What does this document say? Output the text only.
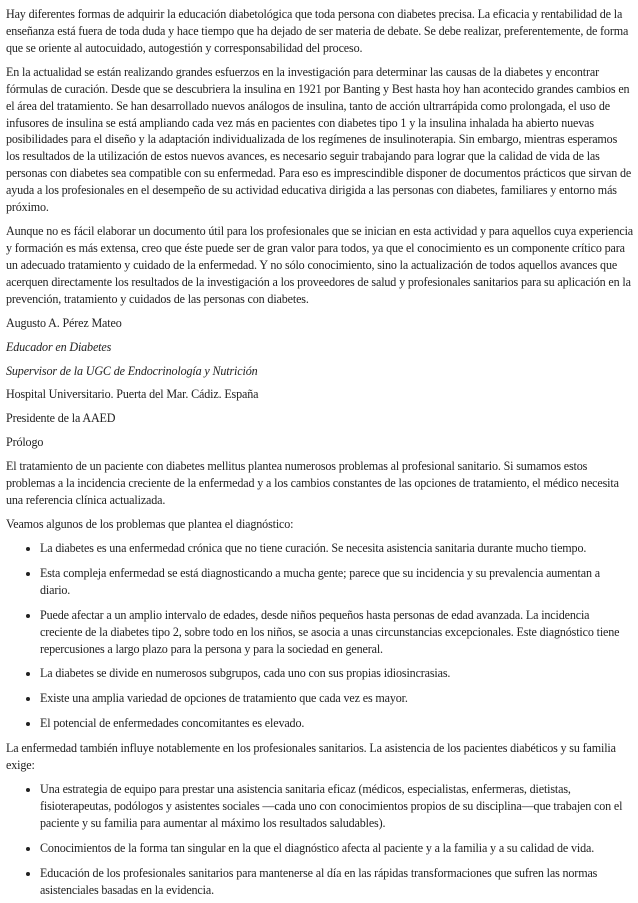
Hay diferentes formas de adquirir la educación diabetológica que toda persona con diabetes precisa. La eficacia y rentabilidad de la enseñanza está fuera de toda duda y hace tiempo que ha dejado de ser materia de debate. Se debe realizar, preferentemente, de forma que se oriente al autocuidado, autogestión y corresponsabilidad del proceso.

En la actualidad se están realizando grandes esfuerzos en la investigación para determinar las causas de la diabetes y encontrar fórmulas de curación. Desde que se descubriera la insulina en 1921 por Banting y Best hasta hoy han acontecido grandes cambios en el área del tratamiento. Se han desarrollado nuevos análogos de insulina, tanto de acción ultrarrápida como prolongada, el uso de infusores de insulina se está ampliando cada vez más en pacientes con diabetes tipo 1 y la insulina inhalada ha abierto nuevas posibilidades para el diseño y la adaptación individualizada de los regímenes de insulinoterapia. Sin embargo, mientras esperamos los resultados de la utilización de estos nuevos avances, es necesario seguir trabajando para lograr que la calidad de vida de las personas con diabetes sea compatible con su enfermedad. Para eso es imprescindible disponer de documentos prácticos que sirvan de ayuda a los profesionales en el desempeño de su actividad educativa dirigida a las personas con diabetes, familiares y entorno más próximo.

Aunque no es fácil elaborar un documento útil para los profesionales que se inician en esta actividad y para aquellos cuya experiencia y formación es más extensa, creo que éste puede ser de gran valor para todos, ya que el conocimiento es un componente crítico para un adecuado tratamiento y cuidado de la enfermedad. Y no sólo conocimiento, sino la actualización de todos aquellos avances que acerquen directamente los resultados de la investigación a los proveedores de salud y profesionales sanitarios para su aplicación en la prevención, tratamiento y cuidados de las personas con diabetes.

Augusto A. Pérez Mateo

Educador en Diabetes

Supervisor de la UGC de Endocrinología y Nutrición

Hospital Universitario. Puerta del Mar. Cádiz. España

Presidente de la AAED

Prólogo

El tratamiento de un paciente con diabetes mellitus plantea numerosos problemas al profesional sanitario. Si sumamos estos problemas a la incidencia creciente de la enfermedad y a los cambios constantes de las opciones de tratamiento, el médico necesita una referencia clínica actualizada.

Veamos algunos de los problemas que plantea el diagnóstico:

• La diabetes es una enfermedad crónica que no tiene curación. Se necesita asistencia sanitaria durante mucho tiempo.
• Esta compleja enfermedad se está diagnosticando a mucha gente; parece que su incidencia y su prevalencia aumentan a diario.
• Puede afectar a un amplio intervalo de edades, desde niños pequeños hasta personas de edad avanzada. La incidencia creciente de la diabetes tipo 2, sobre todo en los niños, se asocia a unas circunstancias excepcionales. Este diagnóstico tiene repercusiones a largo plazo para la persona y para la sociedad en general.
• La diabetes se divide en numerosos subgrupos, cada uno con sus propias idiosincrasias.
• Existe una amplia variedad de opciones de tratamiento que cada vez es mayor.
• El potencial de enfermedades concomitantes es elevado.

La enfermedad también influye notablemente en los profesionales sanitarios. La asistencia de los pacientes diabéticos y su familia exige:

• Una estrategia de equipo para prestar una asistencia sanitaria eficaz (médicos, especialistas, enfermeras, dietistas, fisioterapeutas, podólogos y asistentes sociales —cada uno con conocimientos propios de su disciplina—que trabajen con el paciente y su familia para aumentar al máximo los resultados saludables).
• Conocimientos de la forma tan singular en la que el diagnóstico afecta al paciente y a la familia y a su calidad de vida.
• Educación de los profesionales sanitarios para mantenerse al día en las rápidas transformaciones que sufren las normas asistenciales basadas en la evidencia.
